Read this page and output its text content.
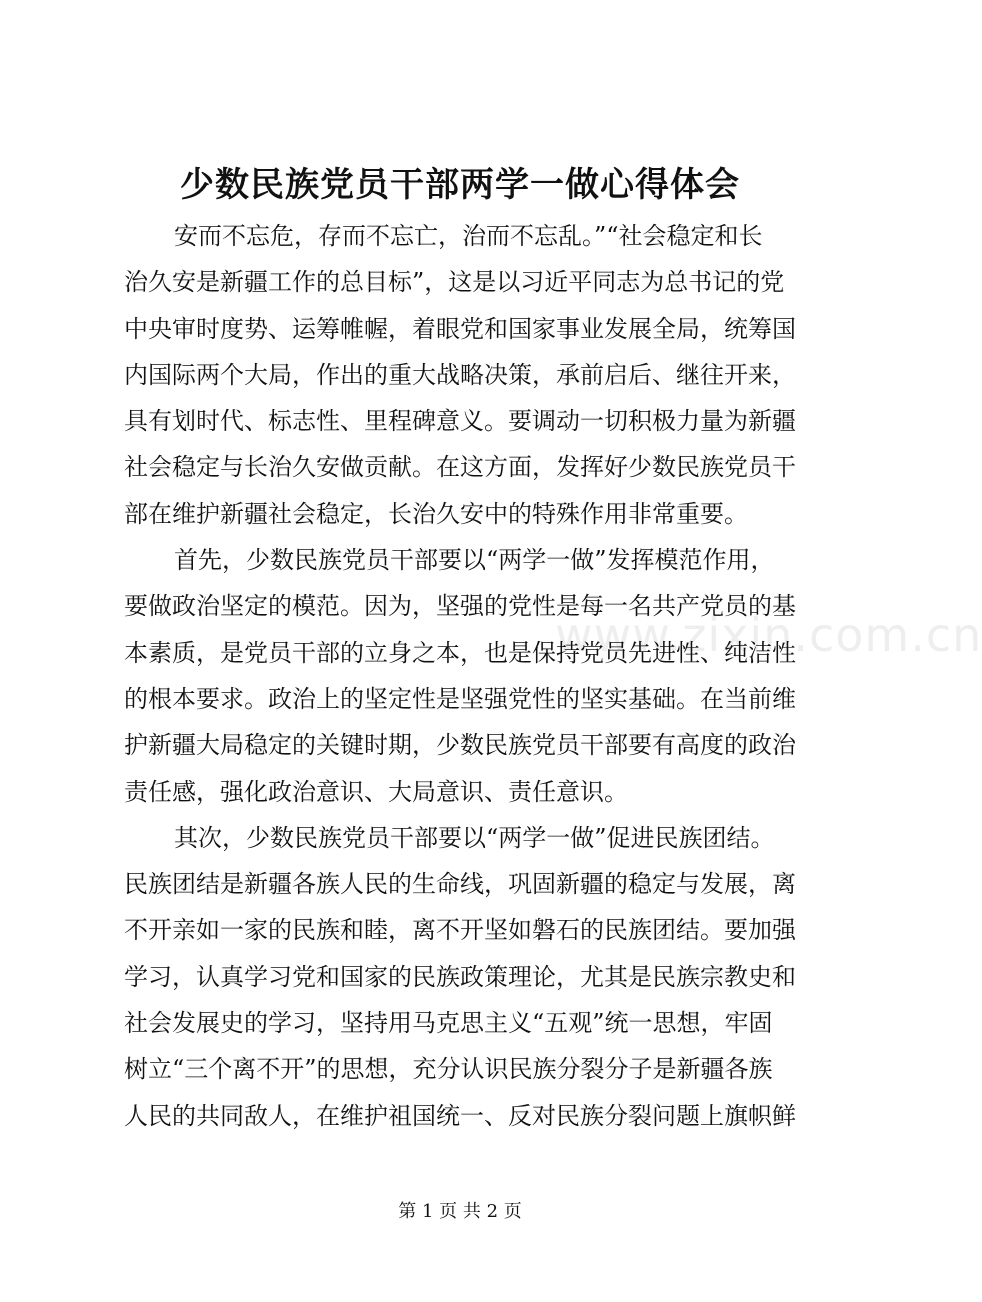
少数民族党员干部两学一做心得体会
www.zixin.com.cn
安而不忘危，存而不忘亡，治而不忘乱。”“社会稳定和长
治久安是新疆工作的总目标”，这是以习近平同志为总书记的党
中央审时度势、运筹帷幄，着眼党和国家事业发展全局，统筹国
内国际两个大局，作出的重大战略决策，承前启后、继往开来，
具有划时代、标志性、里程碑意义。要调动一切积极力量为新疆
社会稳定与长治久安做贡献。在这方面，发挥好少数民族党员干
部在维护新疆社会稳定，长治久安中的特殊作用非常重要。
首先，少数民族党员干部要以“两学一做”发挥模范作用，
要做政治坚定的模范。因为，坚强的党性是每一名共产党员的基
本素质，是党员干部的立身之本，也是保持党员先进性、纯洁性
的根本要求。政治上的坚定性是坚强党性的坚实基础。在当前维
护新疆大局稳定的关键时期，少数民族党员干部要有高度的政治
责任感，强化政治意识、大局意识、责任意识。
其次，少数民族党员干部要以“两学一做”促进民族团结。
民族团结是新疆各族人民的生命线，巩固新疆的稳定与发展，离
不开亲如一家的民族和睦，离不开坚如磐石的民族团结。要加强
学习，认真学习党和国家的民族政策理论，尤其是民族宗教史和
社会发展史的学习，坚持用马克思主义“五观”统一思想，牢固
树立“三个离不开”的思想，充分认识民族分裂分子是新疆各族
人民的共同敌人，在维护祖国统一、反对民族分裂问题上旗帜鲜
第 1 页 共 2 页
